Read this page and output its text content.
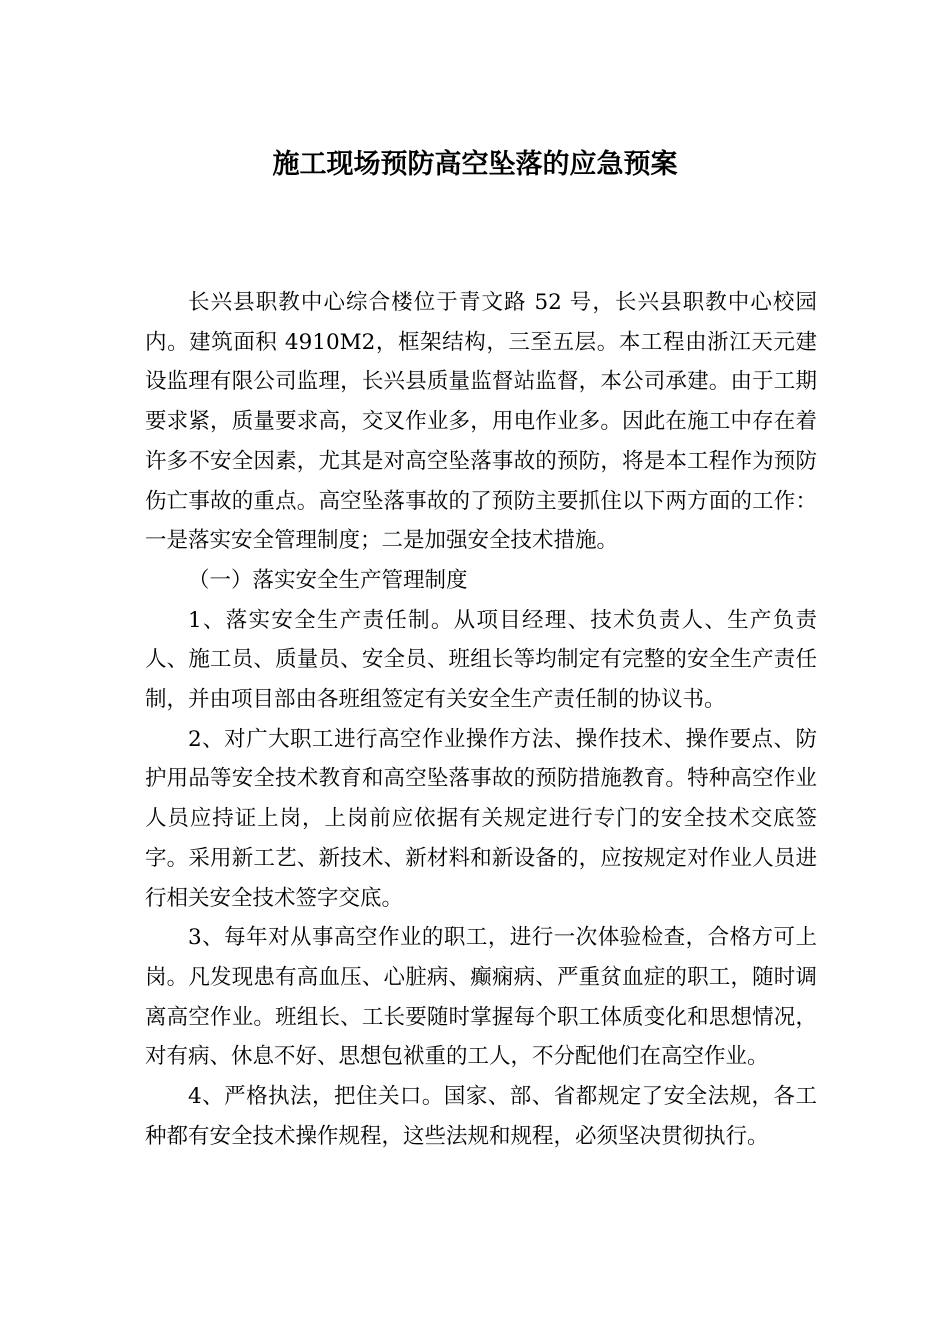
施工现场预防高空坠落的应急预案

长兴县职教中心综合楼位于青文路 52 号，长兴县职教中心校园内。建筑面积 4910M2，框架结构，三至五层。本工程由浙江天元建设监理有限公司监理，长兴县质量监督站监督，本公司承建。由于工期要求紧，质量要求高，交叉作业多，用电作业多。因此在施工中存在着许多不安全因素，尤其是对高空坠落事故的预防，将是本工程作为预防伤亡事故的重点。高空坠落事故的了预防主要抓住以下两方面的工作：一是落实安全管理制度；二是加强安全技术措施。

（一）落实安全生产管理制度

1、落实安全生产责任制。从项目经理、技术负责人、生产负责人、施工员、质量员、安全员、班组长等均制定有完整的安全生产责任制，并由项目部由各班组签定有关安全生产责任制的协议书。

2、对广大职工进行高空作业操作方法、操作技术、操作要点、防护用品等安全技术教育和高空坠落事故的预防措施教育。特种高空作业人员应持证上岗，上岗前应依据有关规定进行专门的安全技术交底签字。采用新工艺、新技术、新材料和新设备的，应按规定对作业人员进行相关安全技术签字交底。

3、每年对从事高空作业的职工，进行一次体验检查，合格方可上岗。凡发现患有高血压、心脏病、癫痫病、严重贫血症的职工，随时调离高空作业。班组长、工长要随时掌握每个职工体质变化和思想情况，对有病、休息不好、思想包袱重的工人，不分配他们在高空作业。

4、严格执法，把住关口。国家、部、省都规定了安全法规，各工种都有安全技术操作规程，这些法规和规程，必须坚决贯彻执行。
